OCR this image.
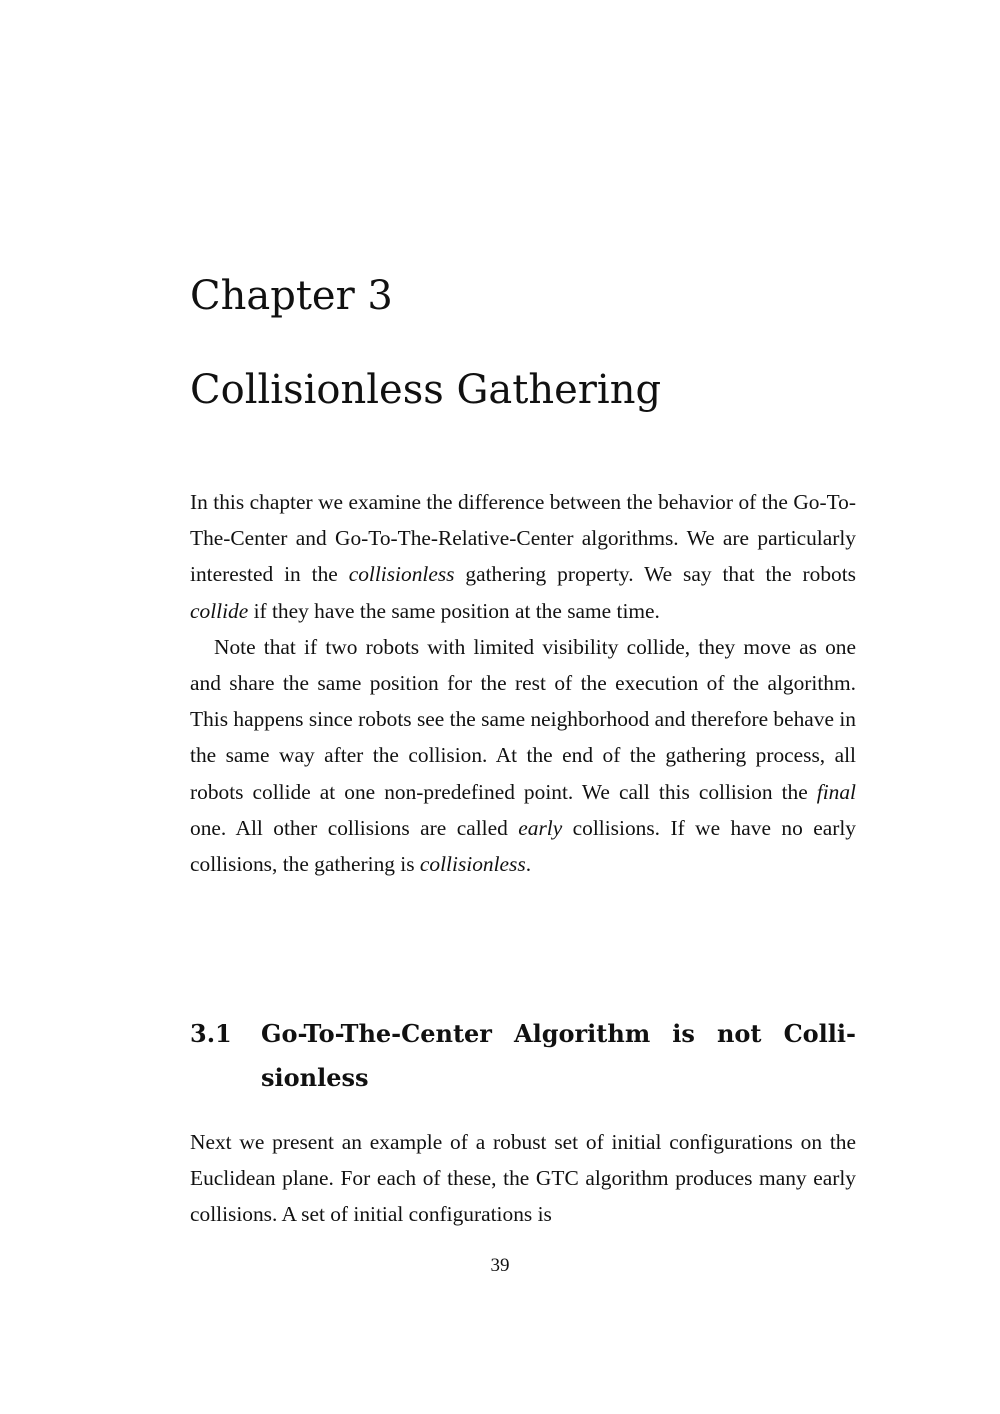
Chapter 3
Collisionless Gathering

In this chapter we examine the difference between the behavior of the Go-To-The-Center and Go-To-The-Relative-Center algorithms. We are particularly interested in the collisionless gathering property. We say that the robots collide if they have the same position at the same time.

Note that if two robots with limited visibility collide, they move as one and share the same position for the rest of the execution of the algorithm. This happens since robots see the same neighborhood and therefore behave in the same way after the collision. At the end of the gathering process, all robots collide at one non-predefined point. We call this collision the final one. All other collisions are called early collisions. If we have no early collisions, the gathering is collisionless.

3.1	Go-To-The-Center Algorithm is not Collisionless

Next we present an example of a robust set of initial configurations on the Euclidean plane. For each of these, the GTC algorithm produces many early collisions. A set of initial configurations is

39
